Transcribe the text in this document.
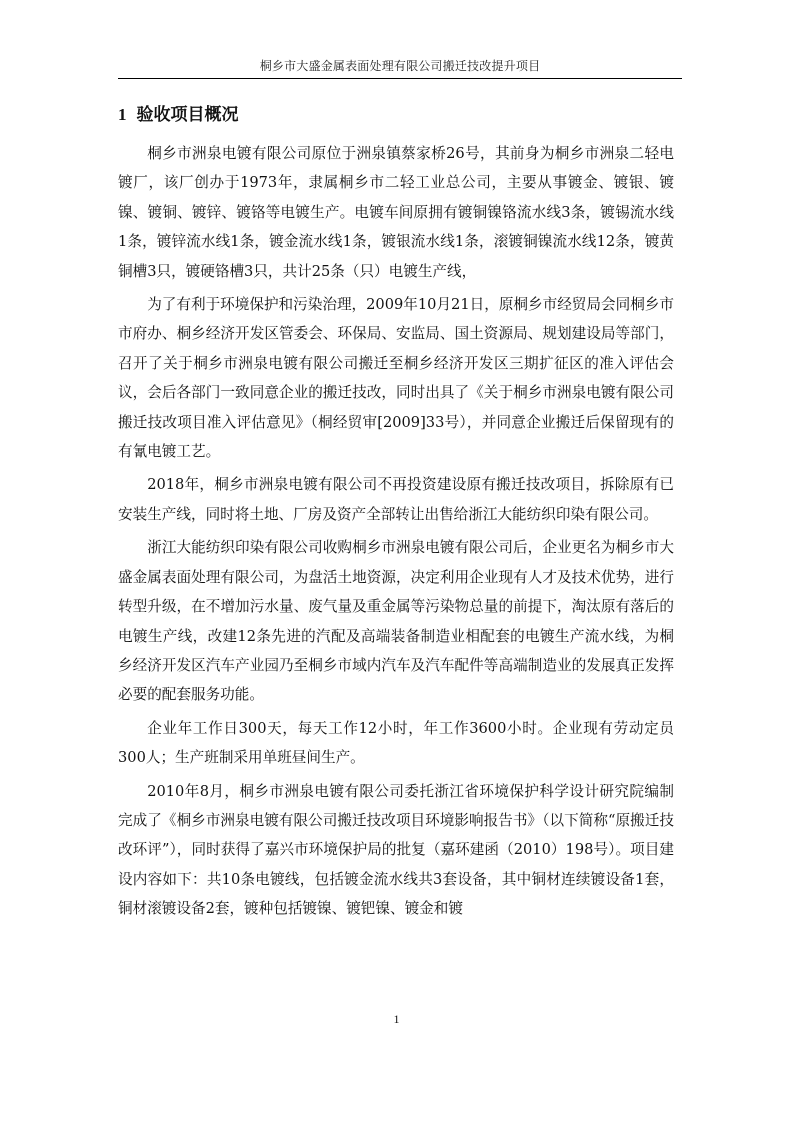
桐乡市大盛金属表面处理有限公司搬迁技改提升项目
1 验收项目概况

桐乡市洲泉电镀有限公司原位于洲泉镇蔡家桥26号，其前身为桐乡市洲泉二轻电镀厂，该厂创办于1973年，隶属桐乡市二轻工业总公司，主要从事镀金、镀银、镀镍、镀铜、镀锌、镀铬等电镀生产。电镀车间原拥有镀铜镍铬流水线3条，镀锡流水线1条，镀锌流水线1条，镀金流水线1条，镀银流水线1条，滚镀铜镍流水线12条，镀黄铜槽3只，镀硬铬槽3只，共计25条（只）电镀生产线，

为了有利于环境保护和污染治理，2009年10月21日，原桐乡市经贸局会同桐乡市市府办、桐乡经济开发区管委会、环保局、安监局、国土资源局、规划建设局等部门，召开了关于桐乡市洲泉电镀有限公司搬迁至桐乡经济开发区三期扩征区的准入评估会议，会后各部门一致同意企业的搬迁技改，同时出具了《关于桐乡市洲泉电镀有限公司搬迁技改项目准入评估意见》（桐经贸审[2009]33号），并同意企业搬迁后保留现有的有氰电镀工艺。

2018年，桐乡市洲泉电镀有限公司不再投资建设原有搬迁技改项目，拆除原有已安装生产线，同时将土地、厂房及资产全部转让出售给浙江大能纺织印染有限公司。

浙江大能纺织印染有限公司收购桐乡市洲泉电镀有限公司后，企业更名为桐乡市大盛金属表面处理有限公司，为盘活土地资源，决定利用企业现有人才及技术优势，进行转型升级，在不增加污水量、废气量及重金属等污染物总量的前提下，淘汰原有落后的电镀生产线，改建12条先进的汽配及高端装备制造业相配套的电镀生产流水线，为桐乡经济开发区汽车产业园乃至桐乡市域内汽车及汽车配件等高端制造业的发展真正发挥必要的配套服务功能。

企业年工作日300天，每天工作12小时，年工作3600小时。企业现有劳动定员300人；生产班制采用单班昼间生产。

2010年8月，桐乡市洲泉电镀有限公司委托浙江省环境保护科学设计研究院编制完成了《桐乡市洲泉电镀有限公司搬迁技改项目环境影响报告书》（以下简称“原搬迁技改环评”），同时获得了嘉兴市环境保护局的批复（嘉环建函（2010）198号）。项目建设内容如下：共10条电镀线，包括镀金流水线共3套设备，其中铜材连续镀设备1套，铜材滚镀设备2套，镀种包括镀镍、镀钯镍、镀金和镀

1
